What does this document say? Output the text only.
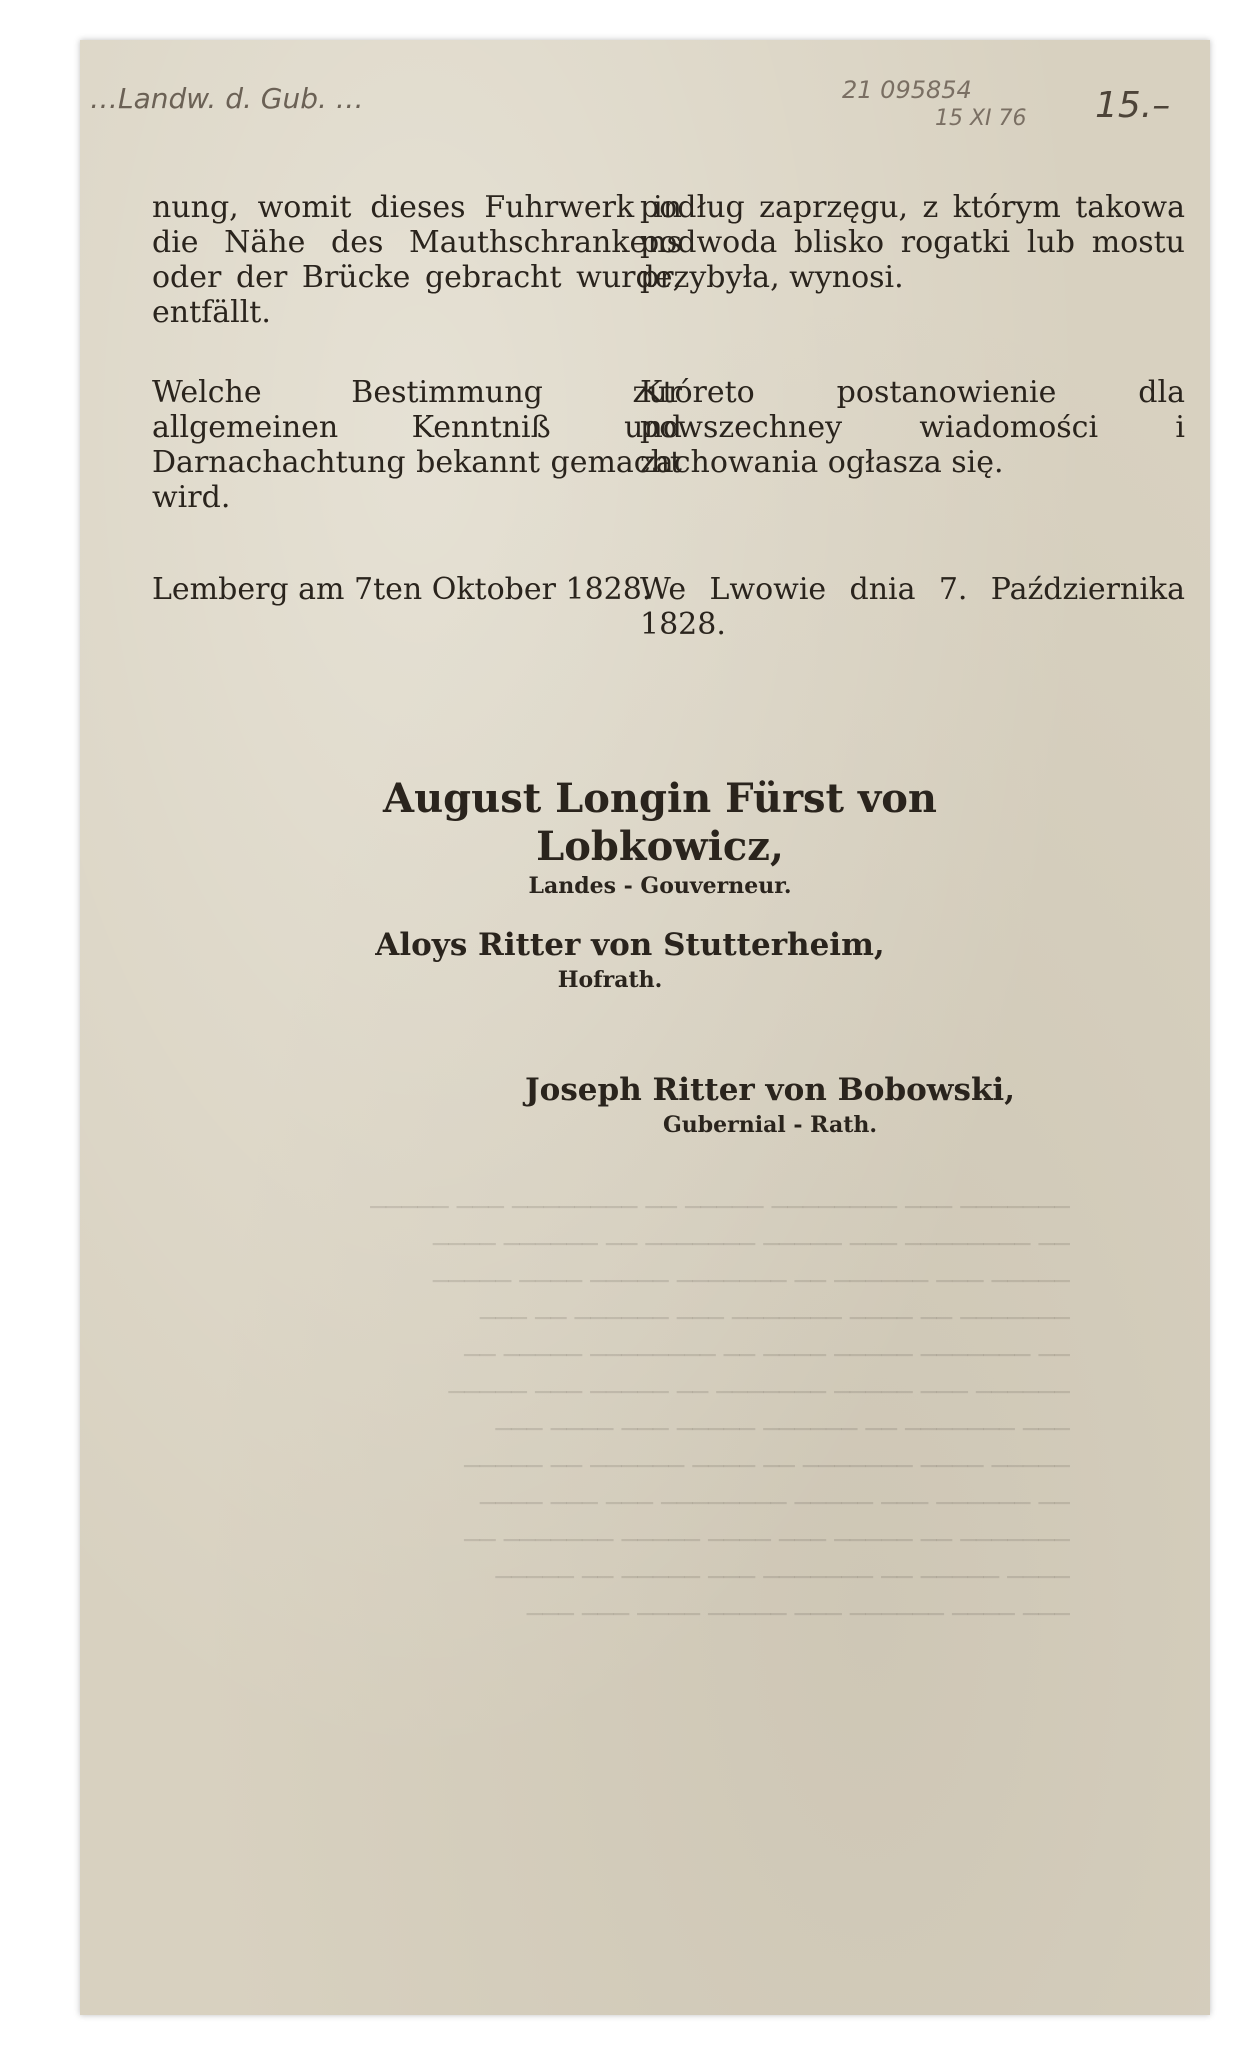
…Landw. d. Gub. …	21 095854
15 XI 76 15.–

nung, womit dieses Fuhrwerk in die Nähe des Mauthschrankens oder der Brücke gebracht wurde, entfällt.

Welche Bestimmung zur allgemeinen Kenntniß und Darnachachtung bekannt gemacht wird.

Lemberg am 7ten Oktober 1828.

podług zaprzęgu, z którym takowa podwoda blisko rogatki lub mostu przybyła, wynosi.

Któreto postanowienie dla powszechney wiadomości i zachowania ogłasza się.

We Lwowie dnia 7. Października 1828.

August Longin Fürst von Lobkowicz,
Landes - Gouverneur.
Aloys Ritter von Stutterheim,
Hofrath.
Joseph Ritter von Bobowski,
Gubernial - Rath.
─────── ─── ──────── ───── ── ──────── ─── ─────
── ──────── ─── ───── ─────── ── ────── ────
───── ─── ────── ── ─────── ───── ──── ─────
─────── ── ──── ─────── ─── ────── ── ───
── ─────── ───── ──── ── ──────── ───── ──
────── ─── ───── ─────── ── ───── ─── ─────
─── ─────── ── ────── ───── ─── ──── ───
───── ──── ─────── ── ──── ────── ── ─────
── ────── ─── ───── ──────── ─── ─── ────
─────── ── ───── ─── ──── ───── ─────── ──
──── ───── ── ─────── ─── ───── ── ─────
─── ──── ────── ─── ───── ──── ─── ───
